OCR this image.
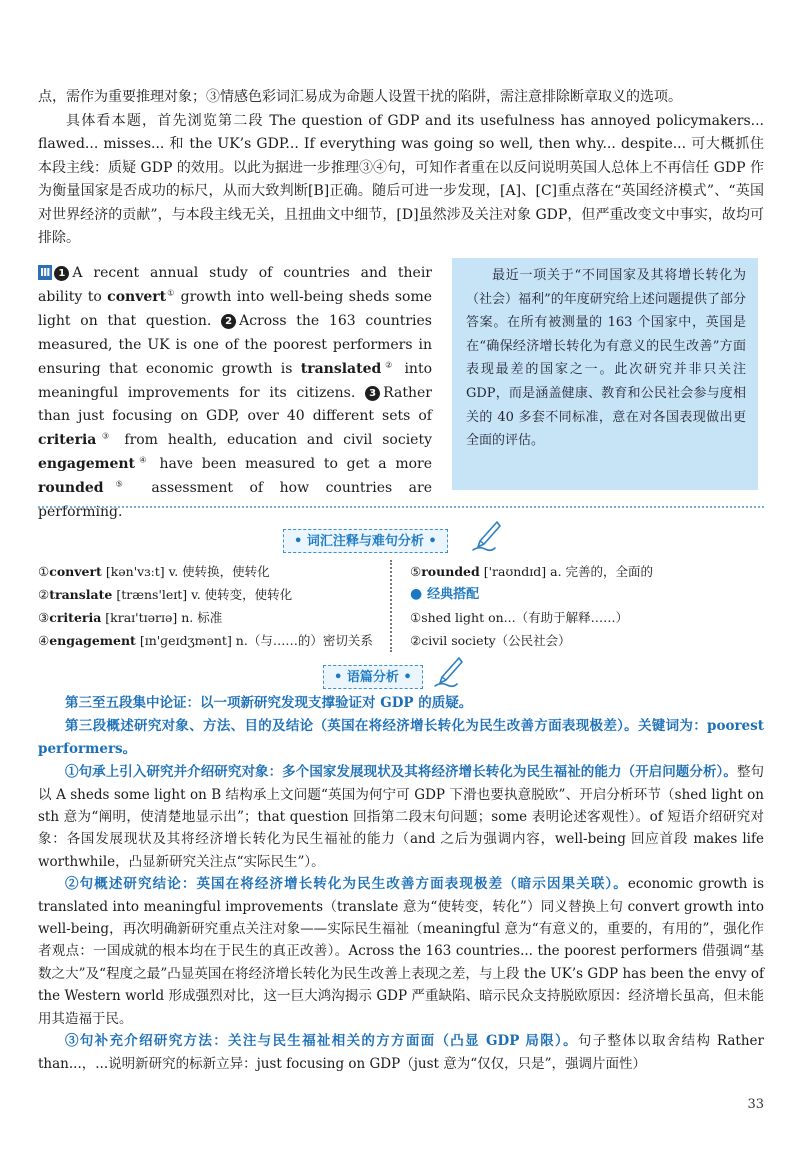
点，需作为重要推理对象；③情感色彩词汇易成为命题人设置干扰的陷阱，需注意排除断章取义的选项。

具体看本题，首先浏览第二段 The question of GDP and its usefulness has annoyed policymakers... flawed... misses... 和 the UK’s GDP... If everything was going so well, then why... despite... 可大概抓住本段主线：质疑 GDP 的效用。以此为据进一步推理③④句，可知作者重在以反问说明英国人总体上不再信任 GDP 作为衡量国家是否成功的标尺，从而大致判断[B]正确。随后可进一步发现，[A]、[C]重点落在“英国经济模式”、“英国对世界经济的贡献”，与本段主线无关，且扭曲文中细节，[D]虽然涉及关注对象 GDP，但严重改变文中事实，故均可排除。

Ⅲ 1 A recent annual study of countries and their ability to convert① growth into well-being sheds some light on that question. 2 Across the 163 countries measured, the UK is one of the poorest performers in ensuring that economic growth is translated② into meaningful improvements for its citizens. 3 Rather than just focusing on GDP, over 40 different sets of criteria③ from health, education and civil society engagement④ have been measured to get a more rounded⑤ assessment of how countries are performing.
最近一项关于“不同国家及其将增长转化为（社会）福利”的年度研究给上述问题提供了部分答案。在所有被测量的 163 个国家中，英国是在“确保经济增长转化为有意义的民生改善”方面表现最差的国家之一。此次研究并非只关注 GDP，而是涵盖健康、教育和公民社会参与度相关的 40 多套不同标准，意在对各国表现做出更全面的评估。
• 词汇注释与难句分析 •
①convert [kən'vɜːt] v. 使转换，使转化
②translate [træns'leɪt] v. 使转变，使转化
③criteria [kraɪ'tɪərɪə] n. 标准
④engagement [ɪn'ɡeɪdʒmənt] n.（与……的）密切关系
⑤rounded ['raʊndɪd] a. 完善的，全面的
● 经典搭配
①shed light on...（有助于解释……）
②civil society（公民社会）
• 语篇分析 •

第三至五段集中论证：以一项新研究发现支撑验证对 GDP 的质疑。

第三段概述研究对象、方法、目的及结论（英国在将经济增长转化为民生改善方面表现极差）。关键词为：poorest performers。

①句承上引入研究并介绍研究对象：多个国家发展现状及其将经济增长转化为民生福祉的能力（开启问题分析）。整句以 A sheds some light on B 结构承上文问题“英国为何宁可 GDP 下滑也要执意脱欧”、开启分析环节（shed light on sth 意为“阐明，使清楚地显示出”；that question 回指第二段末句问题；some 表明论述客观性）。of 短语介绍研究对象：各国发展现状及其将经济增长转化为民生福祉的能力（and 之后为强调内容，well-being 回应首段 makes life worthwhile，凸显新研究关注点“实际民生”）。

②句概述研究结论：英国在将经济增长转化为民生改善方面表现极差（暗示因果关联）。economic growth is translated into meaningful improvements（translate 意为“使转变，转化”）同义替换上句 convert growth into well-being，再次明确新研究重点关注对象——实际民生福祉（meaningful 意为“有意义的，重要的，有用的”，强化作者观点：一国成就的根本均在于民生的真正改善）。Across the 163 countries... the poorest performers 借强调“基数之大”及“程度之最”凸显英国在将经济增长转化为民生改善上表现之差，与上段 the UK’s GDP has been the envy of the Western world 形成强烈对比，这一巨大鸿沟揭示 GDP 严重缺陷、暗示民众支持脱欧原因：经济增长虽高，但未能用其造福于民。

③句补充介绍研究方法：关注与民生福祉相关的方方面面（凸显 GDP 局限）。句子整体以取舍结构 Rather than...，...说明新研究的标新立异：just focusing on GDP（just 意为“仅仅，只是”，强调片面性）

33
